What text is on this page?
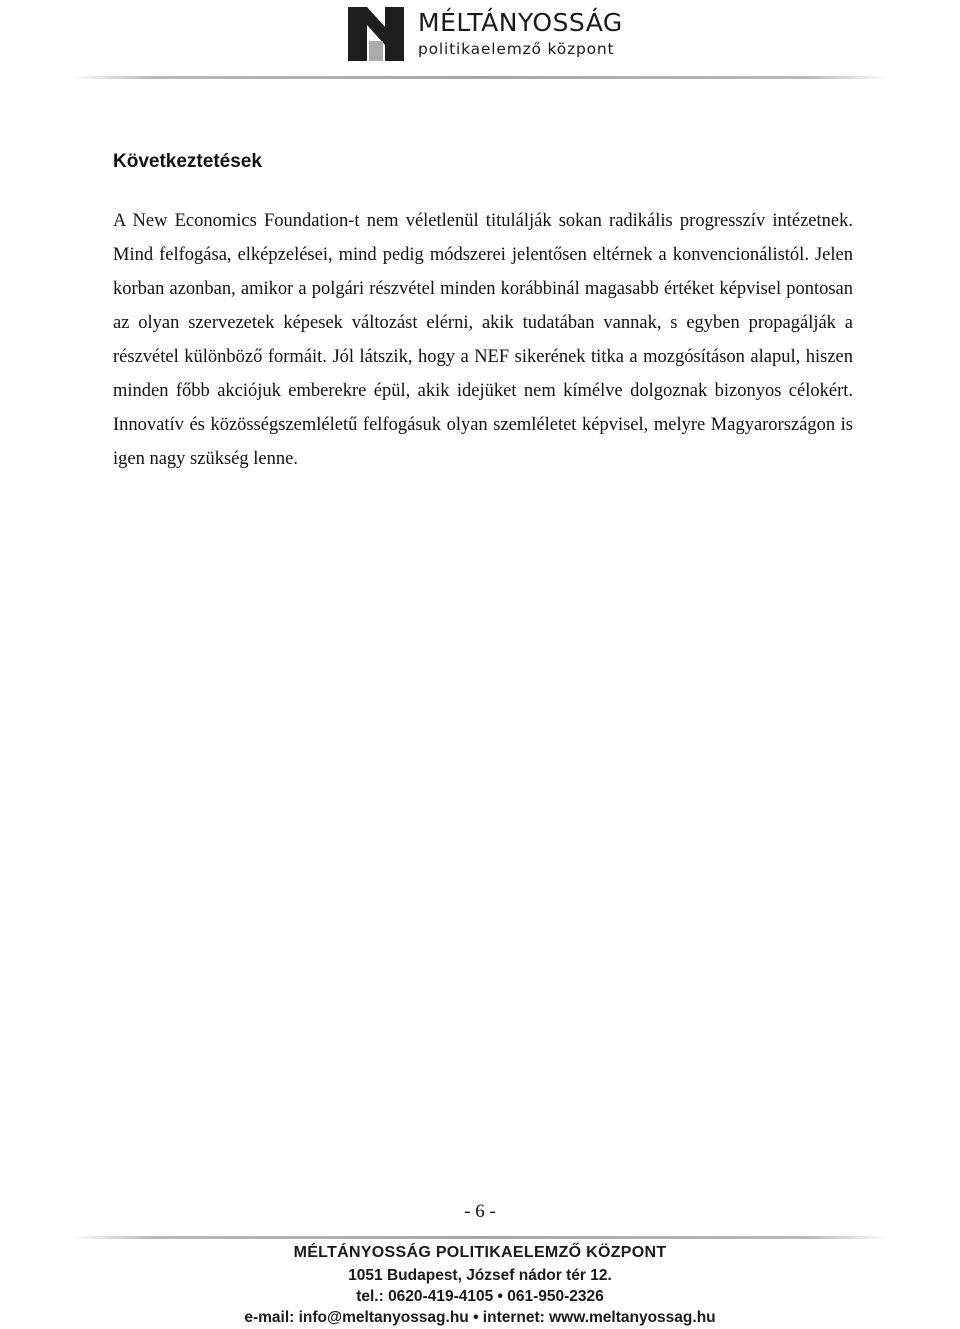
MÉLTÁNYOSSÁG
politikaelemző központ
Következtetések

A New Economics Foundation-t nem véletlenül titulálják sokan radikális progresszív intézetnek. Mind felfogása, elképzelései, mind pedig módszerei jelentősen eltérnek a konvencionálistól. Jelen korban azonban, amikor a polgári részvétel minden korábbinál magasabb értéket képvisel pontosan az olyan szervezetek képesek változást elérni, akik tudatában vannak, s egyben propagálják a részvétel különböző formáit. Jól látszik, hogy a NEF sikerének titka a mozgósításon alapul, hiszen minden főbb akciójuk emberekre épül, akik idejüket nem kímélve dolgoznak bizonyos célokért. Innovatív és közösségszemléletű felfogásuk olyan szemléletet képvisel, melyre Magyarországon is igen nagy szükség lenne.

- 6 -
MÉLTÁNYOSSÁG POLITIKAELEMZŐ KÖZPONT
1051 Budapest, József nádor tér 12.
tel.: 0620-419-4105 • 061-950-2326
e-mail: info@meltanyossag.hu • internet: www.meltanyossag.hu
